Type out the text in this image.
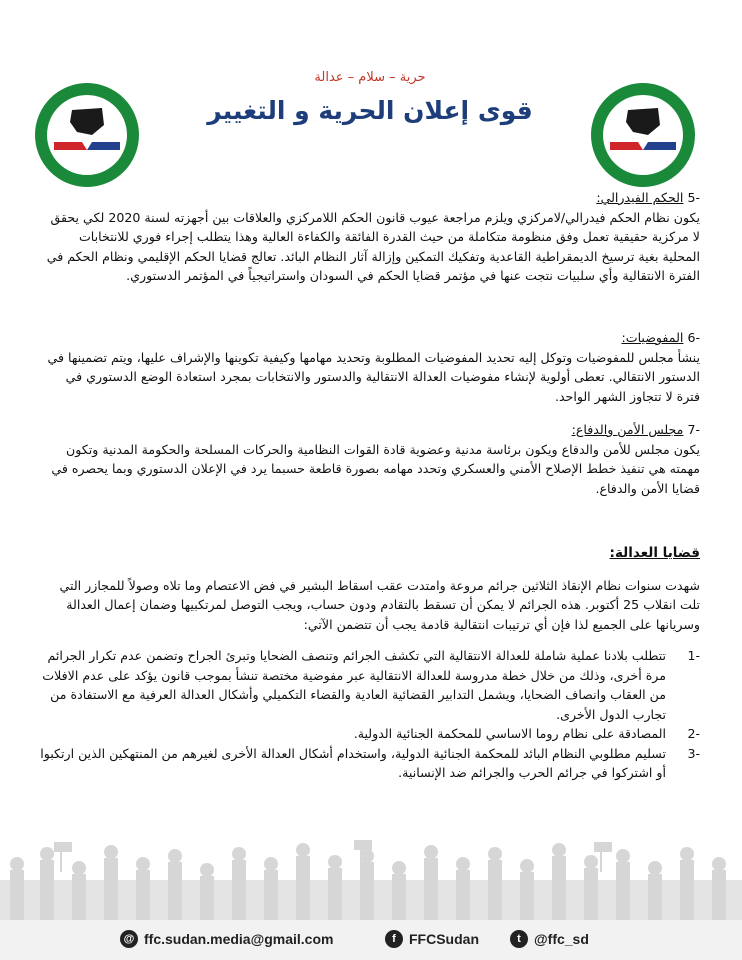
F.F.C	F.F.C
حرية – سلام – عدالة
قوى إعلان الحرية و التغيير
-5 الحكم الفيدرالي:

يكون نظام الحكم فيدرالي/لامركزي ويلزم مراجعة عيوب قانون الحكم اللامركزي والعلاقات بين أجهزته لسنة 2020 لكي يحقق لا مركزية حقيقية تعمل وفق منظومة متكاملة من حيث القدرة الفائقة والكفاءة العالية وهذا يتطلب إجراء فوري للانتخابات المحلية بغية ترسيخ الديمقراطية القاعدية وتفكيك التمكين وإزالة آثار النظام البائد. تعالج قضايا الحكم الإقليمي ونظام الحكم في الفترة الانتقالية وأي سلبيات نتجت عنها في مؤتمر قضايا الحكم في السودان واستراتيجياً في المؤتمر الدستوري.

-6 المفوضيات:

ينشأ مجلس للمفوضيات وتوكل إليه تحديد المفوضيات المطلوبة وتحديد مهامها وكيفية تكوينها والإشراف عليها، ويتم تضمينها في الدستور الانتقالي. تعطى أولوية لإنشاء مفوضيات العدالة الانتقالية والدستور والانتخابات بمجرد استعادة الوضع الدستوري في فترة لا تتجاوز الشهر الواحد.

-7 مجلس الأمن والدفاع:

يكون مجلس للأمن والدفاع ويكون برئاسة مدنية وعضوية قادة القوات النظامية والحركات المسلحة والحكومة المدنية وتكون مهمته هي تنفيذ خطط الإصلاح الأمني والعسكري وتحدد مهامه بصورة قاطعة حسبما يرد في الإعلان الدستوري وبما يحصره في قضايا الأمن والدفاع.

قضايا العدالة:

شهدت سنوات نظام الإنقاذ الثلاثين جرائم مروعة وامتدت عقب اسقاط البشير في فض الاعتصام وما تلاه وصولاً للمجازر التي تلت انقلاب 25 أكتوبر. هذه الجرائم لا يمكن أن تسقط بالتقادم ودون حساب، ويجب التوصل لمرتكبيها وضمان إعمال العدالة وسريانها على الجميع لذا فإن أي ترتيبات انتقالية قادمة يجب أن تتضمن الآتي:

-1
تتطلب بلادنا عملية شاملة للعدالة الانتقالية التي تكشف الجرائم وتنصف الضحايا وتبرئ الجراح وتضمن عدم تكرار الجرائم مرة أخرى، وذلك من خلال خطة مدروسة للعدالة الانتقالية عبر مفوضية مختصة تنشأ بموجب قانون يؤكد على عدم الافلات من العقاب وانصاف الضحايا، ويشمل التدابير القضائية العادية والقضاء التكميلي وأشكال العدالة العرفية مع الاستفادة من تجارب الدول الأخرى.
-2
المصادقة على نظام روما الاساسي للمحكمة الجنائية الدولية.
-3
تسليم مطلوبي النظام البائد للمحكمة الجنائية الدولية، واستخدام أشكال العدالة الأخرى لغيرهم من المنتهكين الذين ارتكبوا أو اشتركوا في جرائم الحرب والجرائم ضد الإنسانية.
@ ffc.sudan.media@gmail.com	f FFCSudan	t @ffc_sd
